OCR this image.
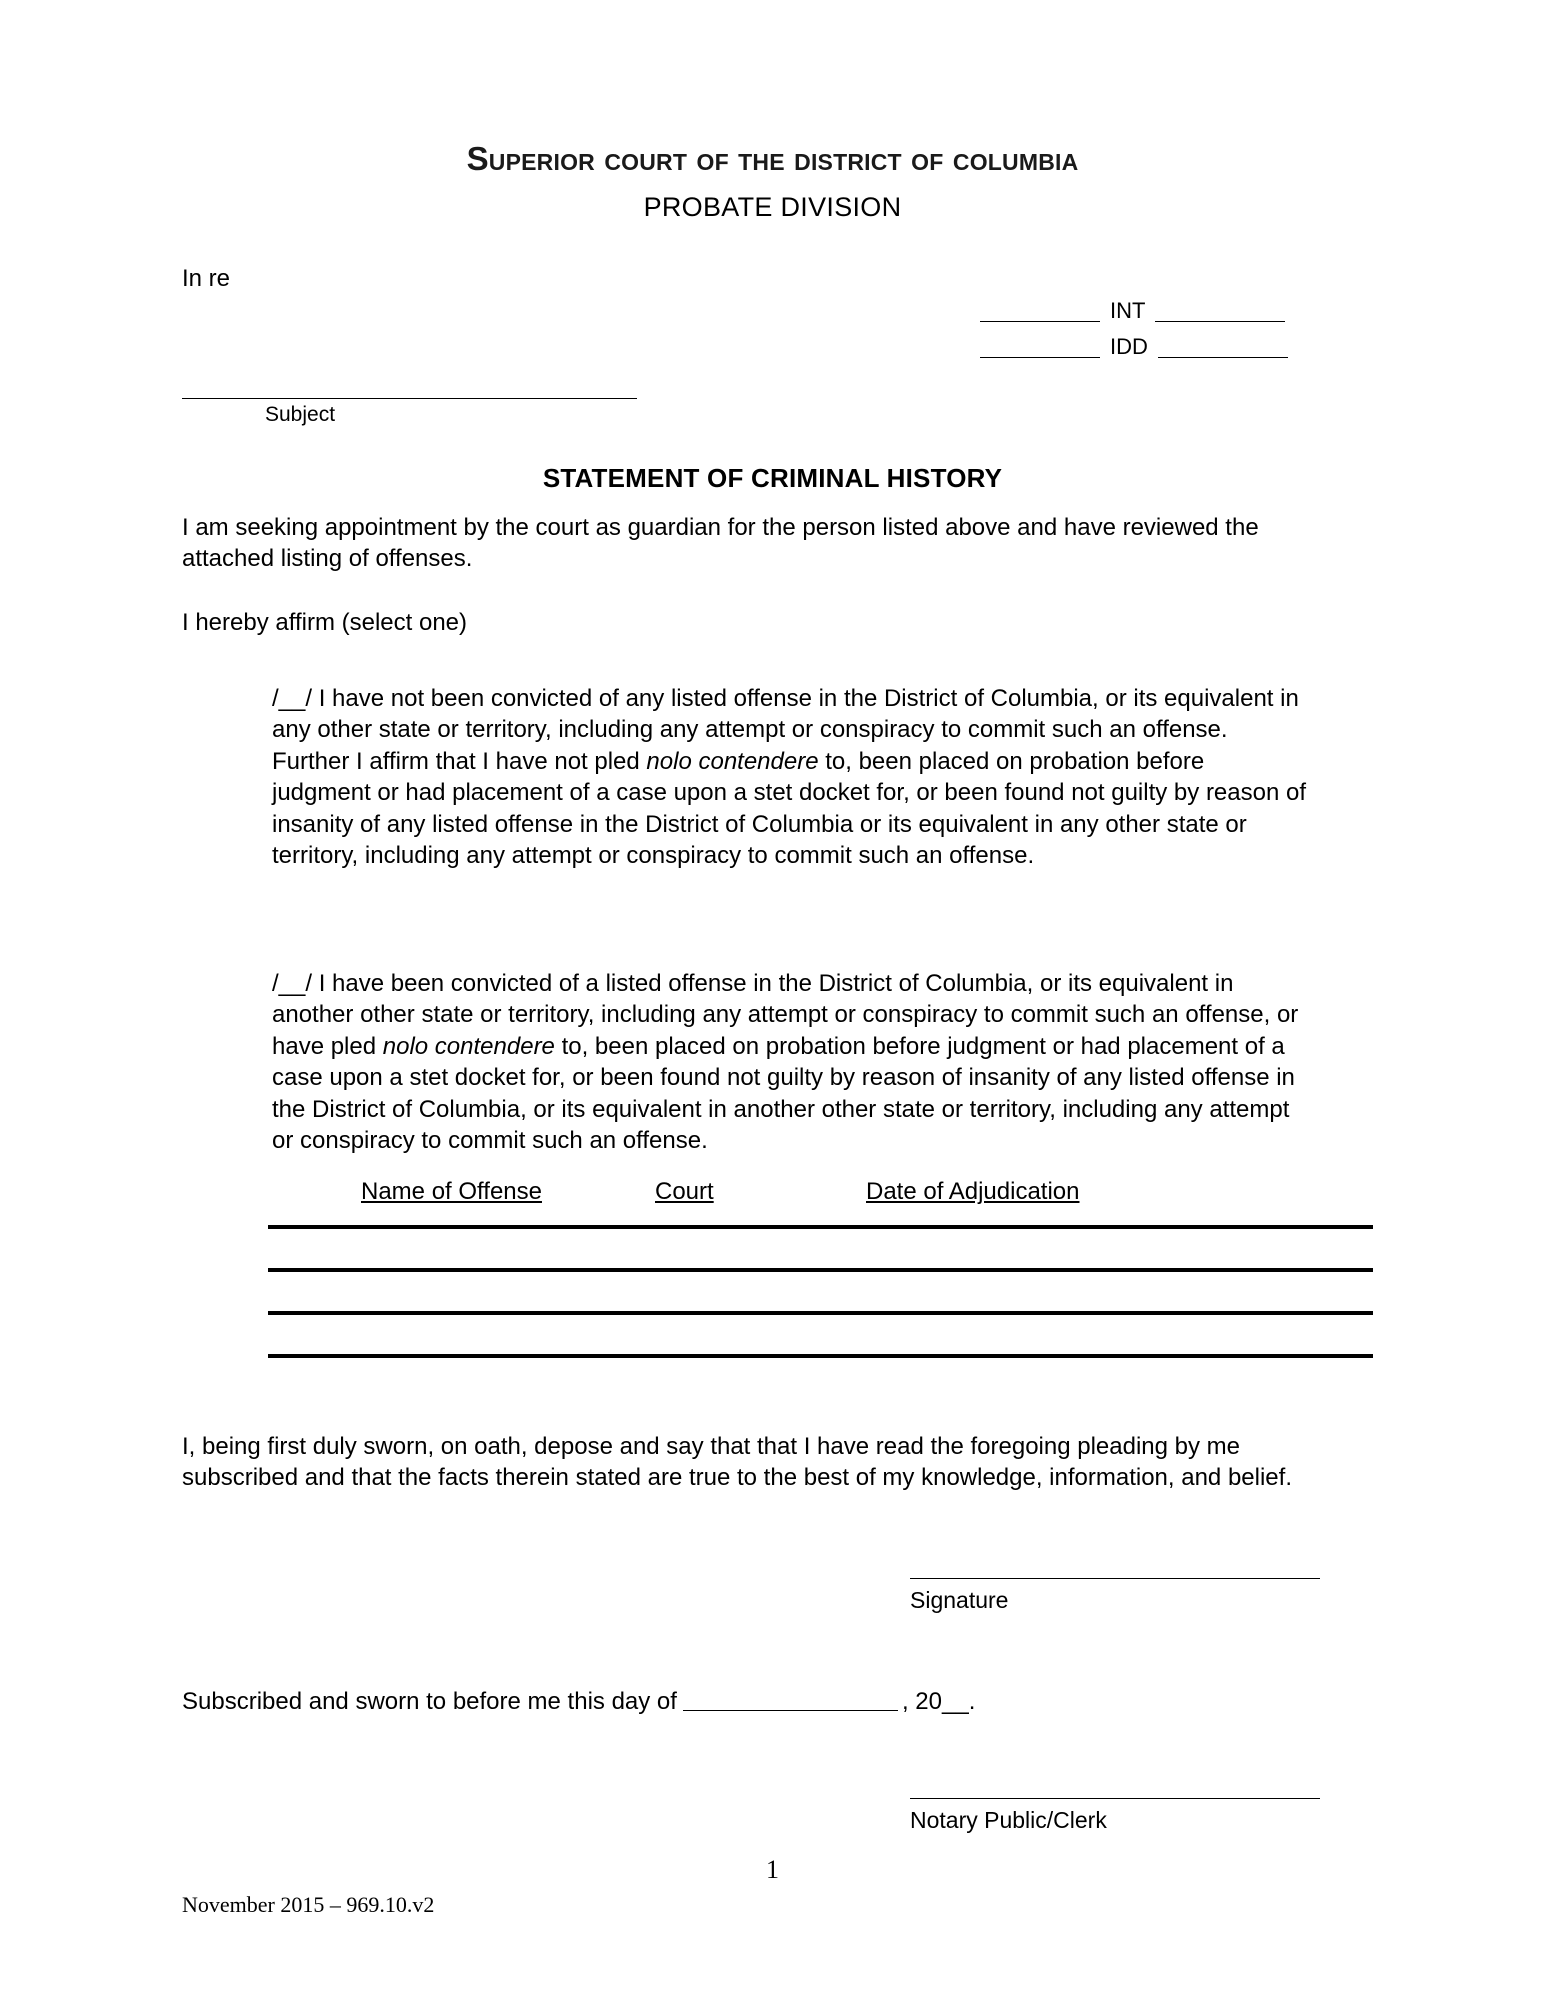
Superior court of the district of columbia
PROBATE DIVISION
In re
INT
IDD
Subject
STATEMENT OF CRIMINAL HISTORY
I am seeking appointment by the court as guardian for the person listed above and have reviewed the attached listing of offenses.
I hereby affirm (select one)
/__/ I have not been convicted of any listed offense in the District of Columbia, or its equivalent in any other state or territory, including any attempt or conspiracy to commit such an offense. Further I affirm that I have not pled nolo contendere to, been placed on probation before judgment or had placement of a case upon a stet docket for, or been found not guilty by reason of insanity of any listed offense in the District of Columbia or its equivalent in any other state or territory, including any attempt or conspiracy to commit such an offense.
/__/ I have been convicted of a listed offense in the District of Columbia, or its equivalent in another other state or territory, including any attempt or conspiracy to commit such an offense, or have pled nolo contendere to, been placed on probation before judgment or had placement of a case upon a stet docket for, or been found not guilty by reason of insanity of any listed offense in the District of Columbia, or its equivalent in another other state or territory, including any attempt or conspiracy to commit such an offense.
Name of Offense	Court	Date of Adjudication
I, being first duly sworn, on oath, depose and say that that I have read the foregoing pleading by me subscribed and that the facts therein stated are true to the best of my knowledge, information, and belief.
Signature
Subscribed and sworn to before me this day of	, 20__.
Notary Public/Clerk
1
November 2015 – 969.10.v2
